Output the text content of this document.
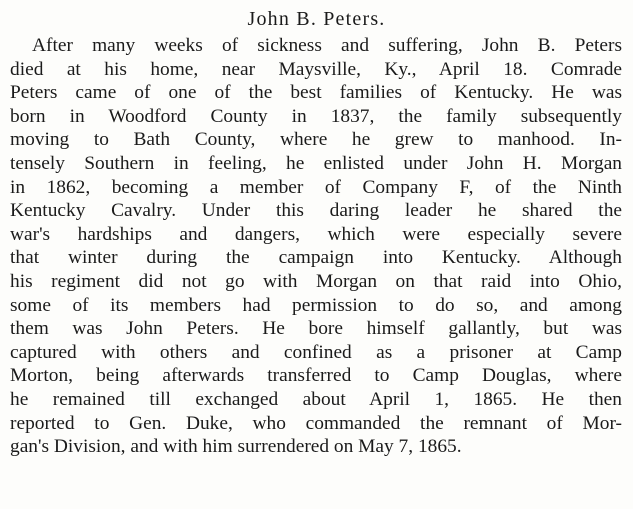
John B. Peters.
After many weeks of sickness and suffering, John B. Peters
died at his home, near Maysville, Ky., April 18. Comrade
Peters came of one of the best families of Kentucky. He was
born in Woodford County in 1837, the family subsequently
moving to Bath County, where he grew to manhood. In-
tensely Southern in feeling, he enlisted under John H. Morgan
in 1862, becoming a member of Company F, of the Ninth
Kentucky Cavalry. Under this daring leader he shared the
war's hardships and dangers, which were especially severe
that winter during the campaign into Kentucky. Although
his regiment did not go with Morgan on that raid into Ohio,
some of its members had permission to do so, and among
them was John Peters. He bore himself gallantly, but was
captured with others and confined as a prisoner at Camp
Morton, being afterwards transferred to Camp Douglas, where
he remained till exchanged about April 1, 1865. He then
reported to Gen. Duke, who commanded the remnant of Mor-
gan's Division, and with him surrendered on May 7, 1865.
